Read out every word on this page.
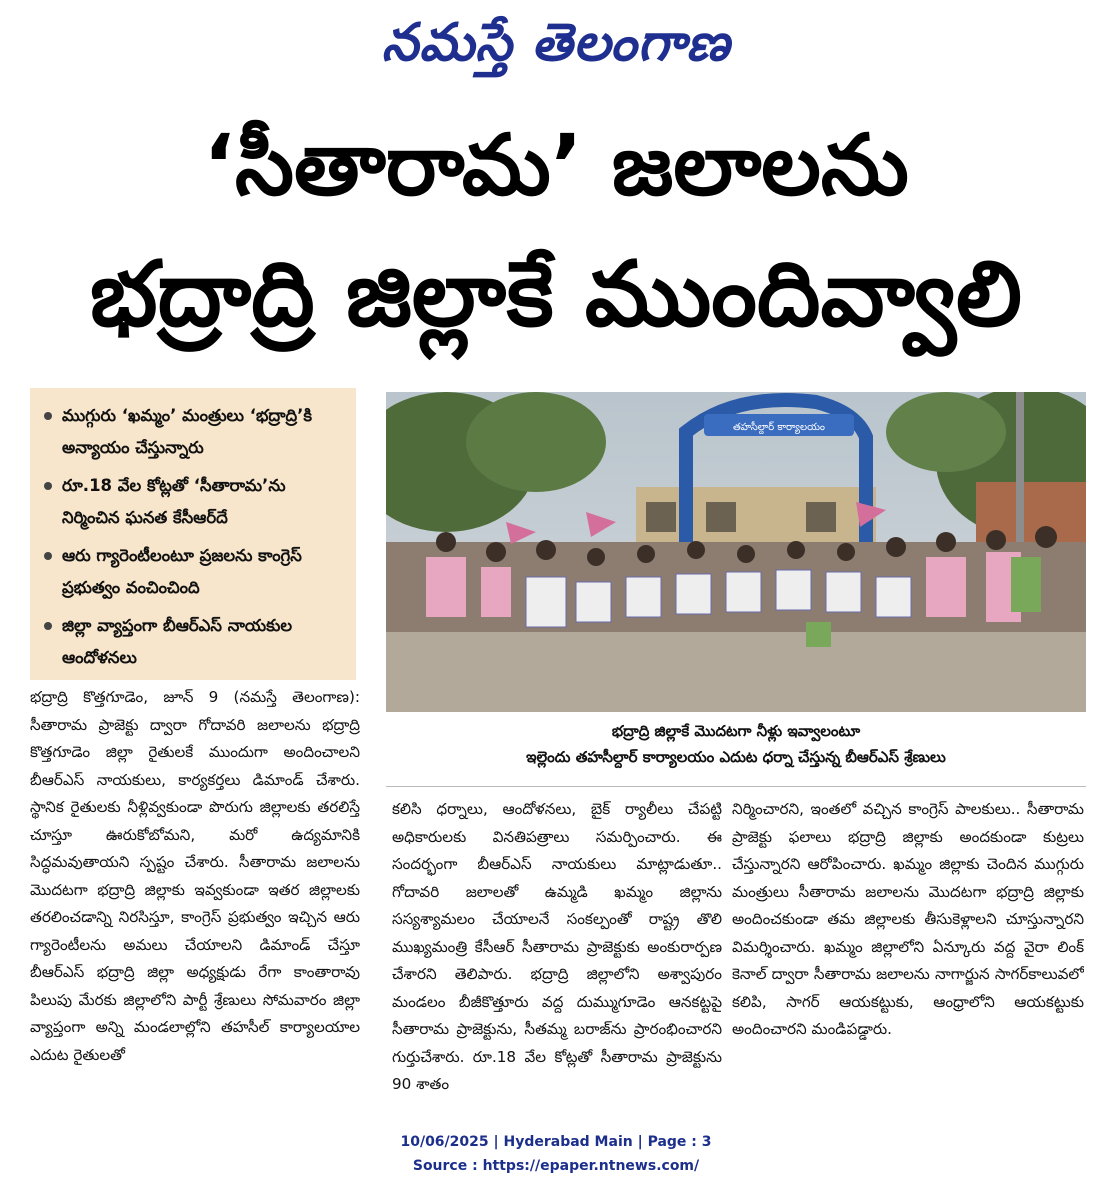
నమస్తే తెలంగాణ
‘సీతారామ’ జలాలను
భద్రాద్రి జిల్లాకే ముందివ్వాలి
ముగ్గురు ‘ఖమ్మం’ మంత్రులు ‘భద్రాద్రి’కి అన్యాయం చేస్తున్నారు
రూ.18 వేల కోట్లతో ‘సీతారామ’ను నిర్మించిన ఘనత కేసీఆర్‌దే
ఆరు గ్యారెంటీలంటూ ప్రజలను కాంగ్రెస్‌ ప్రభుత్వం వంచించింది
జిల్లా వ్యాప్తంగా బీఆర్‌ఎస్‌ నాయకుల ఆందోళనలు
తహసీల్దార్ కార్యాలయం
భద్రాద్రి జిల్లాకే మొదటగా నీళ్లు ఇవ్వాలంటూ
ఇల్లెందు తహసీల్దార్‌ కార్యాలయం ఎదుట ధర్నా చేస్తున్న బీఆర్‌ఎస్‌ శ్రేణులు
భద్రాద్రి కొత్తగూడెం, జూన్‌ 9 (నమస్తే తెలంగాణ): సీతారామ ప్రాజెక్టు ద్వారా గోదావరి జలాలను భద్రాద్రి కొత్తగూడెం జిల్లా రైతులకే ముందుగా అందించాలని బీఆర్‌ఎస్‌ నాయకులు, కార్యకర్తలు డిమాండ్‌ చేశారు. స్థానిక రైతులకు నీళ్లివ్వకుండా పొరుగు జిల్లాలకు తరలిస్తే చూస్తూ ఊరుకోబోమని, మరో ఉద్యమానికి సిద్ధమవుతాయని స్పష్టం చేశారు. సీతారామ జలాలను మొదటగా భద్రాద్రి జిల్లాకు ఇవ్వకుండా ఇతర జిల్లాలకు తరలించడాన్ని నిరసిస్తూ, కాంగ్రెస్‌ ప్రభుత్వం ఇచ్చిన ఆరు గ్యారెంటీలను అమలు చేయాలని డిమాండ్‌ చేస్తూ బీఆర్‌ఎస్‌ భద్రాద్రి జిల్లా అధ్యక్షుడు రేగా కాంతారావు పిలుపు మేరకు జిల్లాలోని పార్టీ శ్రేణులు సోమవారం జిల్లా వ్యాప్తంగా అన్ని మండలాల్లోని తహసీల్‌ కార్యాలయాల ఎదుట రైతులతో
కలిసి ధర్నాలు, ఆందోళనలు, బైక్‌ ర్యాలీలు చేపట్టి అధికారులకు వినతిపత్రాలు సమర్పించారు. ఈ సందర్భంగా బీఆర్‌ఎస్‌ నాయకులు మాట్లాడుతూ.. గోదావరి జలాలతో ఉమ్మడి ఖమ్మం జిల్లాను సస్యశ్యామలం చేయాలనే సంకల్పంతో రాష్ట్ర తొలి ముఖ్యమంత్రి కేసీఆర్‌ సీతారామ ప్రాజెక్టుకు అంకురార్పణ చేశారని తెలిపారు. భద్రాద్రి జిల్లాలోని అశ్వాపురం మండలం బీజీకొత్తూరు వద్ద దుమ్ముగూడెం ఆనకట్టపై సీతారామ ప్రాజెక్టును, సీతమ్మ బరాజ్‌ను ప్రారంభించారని గుర్తుచేశారు. రూ.18 వేల కోట్లతో సీతారామ ప్రాజెక్టును 90 శాతం
నిర్మించారని, ఇంతలో వచ్చిన కాంగ్రెస్‌ పాలకులు.. సీతారామ ప్రాజెక్టు ఫలాలు భద్రాద్రి జిల్లాకు అందకుండా కుట్రలు చేస్తున్నారని ఆరోపించారు. ఖమ్మం జిల్లాకు చెందిన ముగ్గురు మంత్రులు సీతారామ జలాలను మొదటగా భద్రాద్రి జిల్లాకు అందించకుండా తమ జిల్లాలకు తీసుకెళ్లాలని చూస్తున్నారని విమర్శించారు. ఖమ్మం జిల్లాలోని ఏన్కూరు వద్ద వైరా లింక్‌ కెనాల్‌ ద్వారా సీతారామ జలాలను నాగార్జున సాగర్‌కాలువలో కలిపి, సాగర్‌ ఆయకట్టుకు, ఆంధ్రాలోని ఆయకట్టుకు అందించారని మండిపడ్డారు.
10/06/2025 | Hyderabad Main | Page : 3
Source : https://epaper.ntnews.com/
